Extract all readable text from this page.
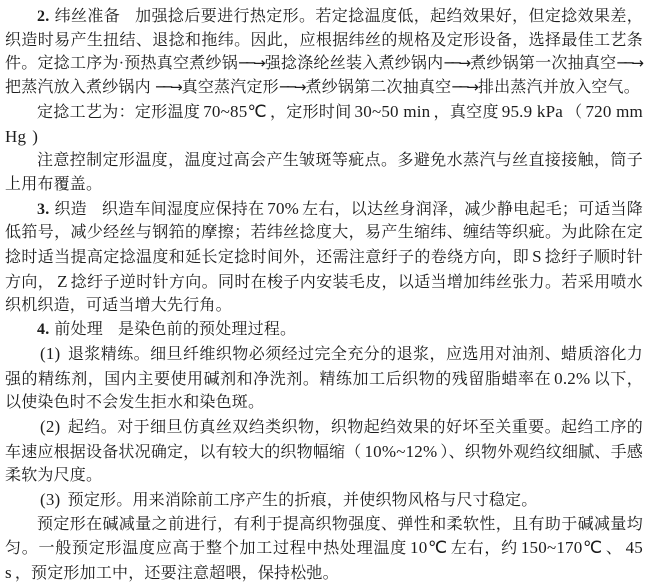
2. 纬丝准备 加强捻后要进行热定形。若定捻温度低，起绉效果好，但定捻效果差，织造时易产生扭结、退捻和拖纬。因此，应根据纬丝的规格及定形设备，选择最佳工艺条件。定捻工序为·预热真空煮纱锅──→强捻涤纶丝装入煮纱锅内──→煮纱锅第一次抽真空──→把蒸汽放入煮纱锅内 ──→真空蒸汽定形──→煮纱锅第二次抽真空──→排出蒸汽并放入空气。

定捻工艺为：定形温度 70~85℃ ，定形时间 30~50 min ，真空度 95.9 kPa （ 720 mmHg )

注意控制定形温度，温度过高会产生皱斑等疵点。多避免水蒸汽与丝直接接触，筒子上用布覆盖。

3. 织造 织造车间湿度应保持在 70% 左右，以达丝身润泽，减少静电起毛；可适当降低筘号，减少经丝与钢筘的摩擦；若纬丝捻度大，易产生缩纬、缠结等织疵。为此除在定捻时适当提高定捻温度和延长定捻时间外，还需注意纡子的卷绕方向，即 S 捻纡子顺时针方向， Z 捻纡子逆时针方向。同时在梭子内安装毛皮，以适当增加纬丝张力。若采用喷水织机织造，可适当增大先行角。

4. 前处理 是染色前的预处理过程。

(1) 退浆精练。细旦纤维织物必须经过完全充分的退浆，应选用对油剂、蜡质溶化力强的精练剂，国内主要使用碱剂和净洗剂。精练加工后织物的残留脂蜡率在 0.2% 以下，以使染色时不会发生拒水和染色斑。

(2) 起绉。对于细旦仿真丝双绉类织物，织物起绉效果的好坏至关重要。起绉工序的车速应根据设备状况确定，以有较大的织物幅缩（ 10%~12% ）、织物外观绉纹细腻、手感柔软为尺度。

(3) 预定形。用来消除前工序产生的折痕，并使织物风格与尺寸稳定。

预定形在碱减量之前进行，有利于提高织物强度、弹性和柔软性，且有助于碱减量均匀。一般预定形温度应高于整个加工过程中热处理温度 10℃ 左右，约 150~170℃ 、 45 s ，预定形加工中，还要注意超喂，保持松弛。
